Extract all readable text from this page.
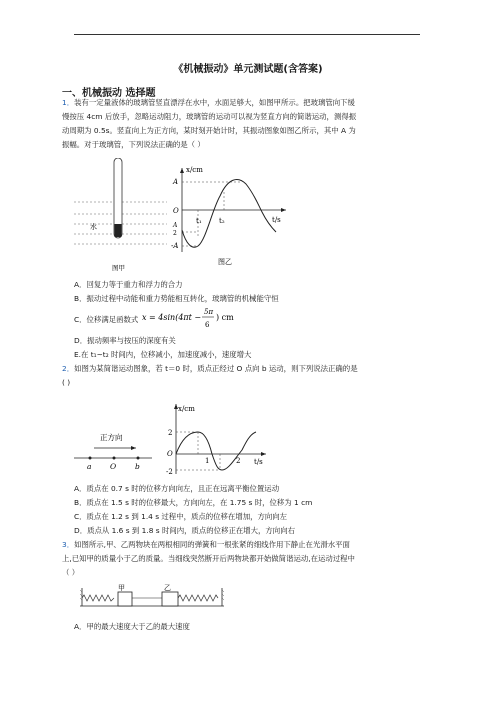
《机械振动》单元测试题(含答案)
一、机械振动 选择题
1．装有一定量液体的玻璃管竖直漂浮在水中，水面足够大，如图甲所示。把玻璃管向下缓
慢按压 4cm 后放手，忽略运动阻力，玻璃管的运动可以视为竖直方向的简谐运动，测得振
动周期为 0.5s。竖直向上为正方向，某时刻开始计时，其振动图象如图乙所示，其中 A 为
振幅。对于玻璃管，下列说法正确的是（ ）
水
图甲
x/cm
t/s
A
O
A
2
-A
t₁ t₂
图乙
A．回复力等于重力和浮力的合力
B．振动过程中动能和重力势能相互转化，玻璃管的机械能守恒
C．位移满足函数式 x = 4sin(4πt −
5π
6
) cm
D．振动频率与按压的深度有关
E.在 t₁~t₂ 时间内，位移减小，加速度减小，速度增大
2．如图为某简谐运动图象，若 t＝0 时，质点正经过 O 点向 b 运动，则下列说法正确的是
( )
正方向
a O	b
x/cm
t/s
2
O
-2
1	2
A．质点在 0.7 s 时的位移方向向左，且正在远离平衡位置运动
B．质点在 1.5 s 时的位移最大，方向向左，在 1.75 s 时，位移为 1 cm
C．质点在 1.2 s 到 1.4 s 过程中，质点的位移在增加，方向向左
D．质点从 1.6 s 到 1.8 s 时间内，质点的位移正在增大，方向向右
3．如图所示,甲、乙两物块在两根相同的弹簧和一根张紧的细线作用下静止在光滑水平面
上,已知甲的质量小于乙的质量。当细线突然断开后两物块都开始做简谐运动,在运动过程中
（ ）
甲	乙
A．甲的最大速度大于乙的最大速度
